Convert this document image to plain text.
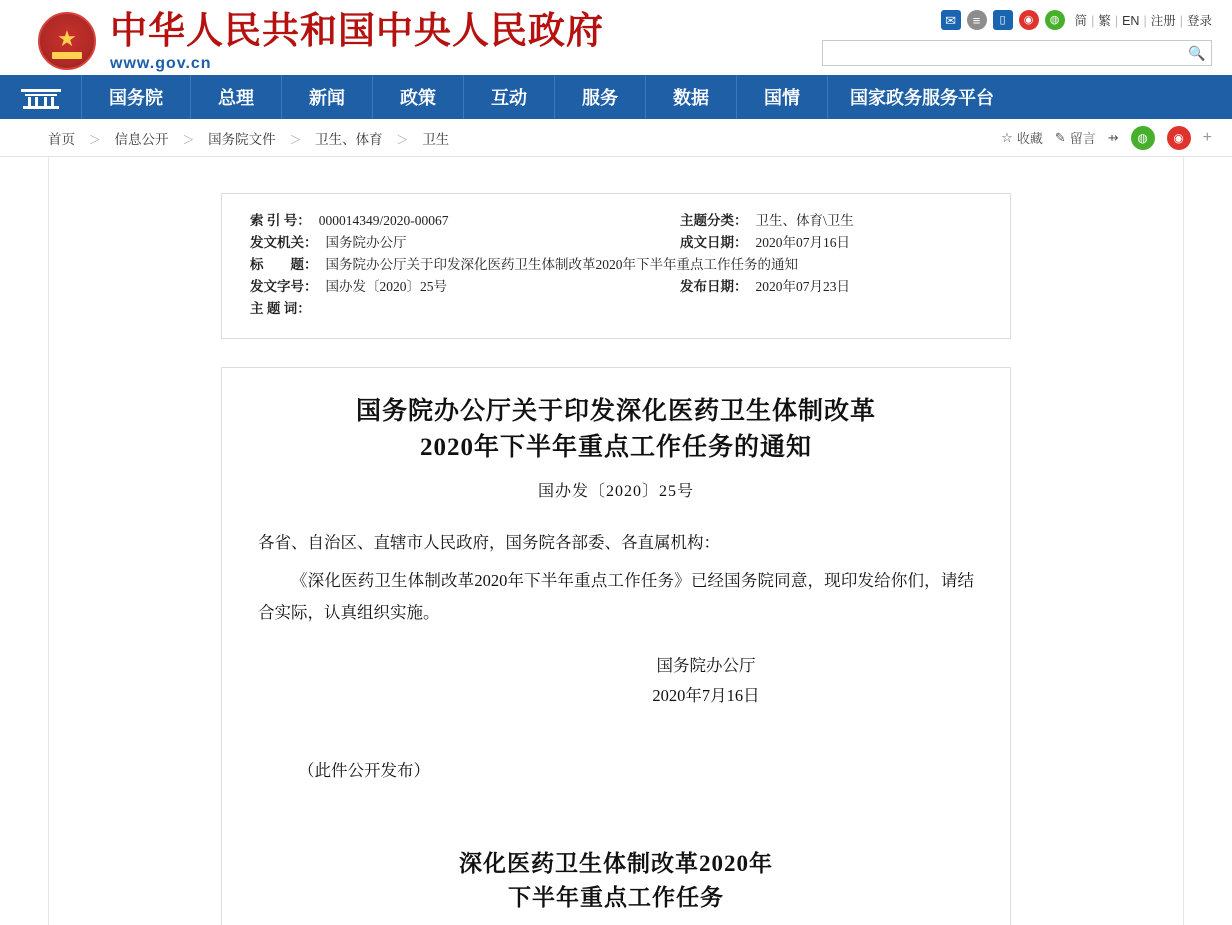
★
中华人民共和国中央人民政府
www.gov.cn
✉	≡	▯	◉	◍	简 | 繁 | EN | 注册 | 登录
🔍
国务院	总理	新闻	政策	互动	服务	数据	国情	国家政务服务平台
首页 ＞ 信息公开 ＞ 国务院文件 ＞ 卫生、体育 ＞ 卫生	☆ 收藏 ✎ 留言 ⇸	◍	◉	+
索 引 号： 000014349/2020-00067	主题分类： 卫生、体育\卫生
发文机关： 国务院办公厅	成文日期： 2020年07月16日
标　　题： 国务院办公厅关于印发深化医药卫生体制改革2020年下半年重点工作任务的通知
发文字号： 国办发〔2020〕25号	发布日期： 2020年07月23日
主 题 词：
国务院办公厅关于印发深化医药卫生体制改革
2020年下半年重点工作任务的通知
国办发〔2020〕25号
各省、自治区、直辖市人民政府，国务院各部委、各直属机构：
《深化医药卫生体制改革2020年下半年重点工作任务》已经国务院同意，现印发给你们，请结合实际，认真组织实施。
国务院办公厅
2020年7月16日
（此件公开发布）
深化医药卫生体制改革2020年
下半年重点工作任务
